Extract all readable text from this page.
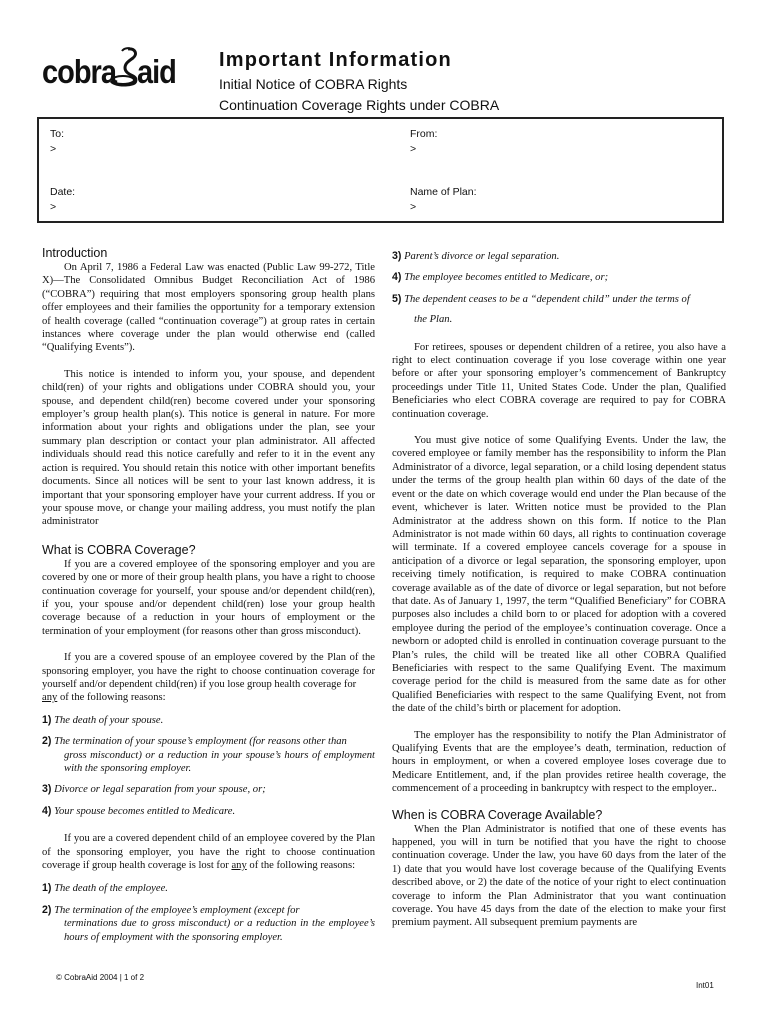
cobra aid Important Information
Initial Notice of COBRA Rights
Continuation Coverage Rights under COBRA
To:
>
From:
>
Date:
>
Name of Plan:
>
Introduction

On April 7, 1986 a Federal Law was enacted (Public Law 99-272, Title X)—The Consolidated Omnibus Budget Reconciliation Act of 1986 (“COBRA”) requiring that most employers sponsoring group health plans offer employees and their families the opportunity for a temporary extension of health coverage (called “continuation coverage”) at group rates in certain instances where coverage under the plan would otherwise end (called “Qualifying Events”).

This notice is intended to inform you, your spouse, and dependent child(ren) of your rights and obligations under COBRA should you, your spouse, and dependent child(ren) become covered under your sponsoring employer’s group health plan(s). This notice is general in nature. For more information about your rights and obligations under the plan, see your summary plan description or contact your plan administrator. All affected individuals should read this notice carefully and refer to it in the event any action is required. You should retain this notice with other important benefits documents. Since all notices will be sent to your last known address, it is important that your sponsoring employer have your current address. If you or your spouse move, or change your mailing address, you must notify the plan administrator

What is COBRA Coverage?

If you are a covered employee of the sponsoring employer and you are covered by one or more of their group health plans, you have a right to choose continuation coverage for yourself, your spouse and/or dependent child(ren), if you, your spouse and/or dependent child(ren) lose your group health coverage because of a reduction in your hours of employment or the termination of your employment (for reasons other than gross misconduct).

If you are a covered spouse of an employee covered by the Plan of the sponsoring employer, you have the right to choose continuation coverage for yourself and/or dependent child(ren) if you lose group health coverage for
any of the following reasons:

1) The death of your spouse.

2) The termination of your spouse’s employment (for reasons other than
gross misconduct) or a reduction in your spouse’s hours of employment with the sponsoring employer.

3) Divorce or legal separation from your spouse, or;

4) Your spouse becomes entitled to Medicare.

If you are a covered dependent child of an employee covered by the Plan of the sponsoring employer, you have the right to choose continuation coverage if group health coverage is lost for any of the following reasons:

1) The death of the employee.

2) The termination of the employee’s employment (except for
terminations due to gross misconduct) or a reduction in the employee’s hours of employment with the sponsoring employer.

3) Parent’s divorce or legal separation.

4) The employee becomes entitled to Medicare, or;

5) The dependent ceases to be a “dependent child” under the terms of
the Plan.

For retirees, spouses or dependent children of a retiree, you also have a right to elect continuation coverage if you lose coverage within one year before or after your sponsoring employer’s commencement of Bankruptcy proceedings under Title 11, United States Code. Under the plan, Qualified Beneficiaries who elect COBRA coverage are required to pay for COBRA continuation coverage.

You must give notice of some Qualifying Events. Under the law, the covered employee or family member has the responsibility to inform the Plan Administrator of a divorce, legal separation, or a child losing dependent status under the terms of the group health plan within 60 days of the date of the event or the date on which coverage would end under the Plan because of the event, whichever is later. Written notice must be provided to the Plan Administrator at the address shown on this form. If notice to the Plan Administrator is not made within 60 days, all rights to continuation coverage will terminate. If a covered employee cancels coverage for a spouse in anticipation of a divorce or legal separation, the sponsoring employer, upon receiving timely notification, is required to make COBRA continuation coverage available as of the date of divorce or legal separation, but not before that date. As of January 1, 1997, the term “Qualified Beneficiary” for COBRA purposes also includes a child born to or placed for adoption with a covered employee during the period of the employee’s continuation coverage. Once a newborn or adopted child is enrolled in continuation coverage pursuant to the Plan’s rules, the child will be treated like all other COBRA Qualified Beneficiaries with respect to the same Qualifying Event. The maximum coverage period for the child is measured from the same date as for other Qualified Beneficiaries with respect to the same Qualifying Event, not from the date of the child’s birth or placement for adoption.

The employer has the responsibility to notify the Plan Administrator of Qualifying Events that are the employee’s death, termination, reduction of hours in employment, or when a covered employee loses coverage due to Medicare Entitlement, and, if the plan provides retiree health coverage, the commencement of a proceeding in bankruptcy with respect to the employer..

When is COBRA Coverage Available?

When the Plan Administrator is notified that one of these events has happened, you will in turn be notified that you have the right to choose continuation coverage. Under the law, you have 60 days from the later of the 1) date that you would have lost coverage because of the Qualifying Events described above, or 2) the date of the notice of your right to elect continuation coverage to inform the Plan Administrator that you want continuation coverage. You have 45 days from the date of the election to make your first premium payment. All subsequent premium payments are

© CobraAid 2004 | 1 of 2
Int01
